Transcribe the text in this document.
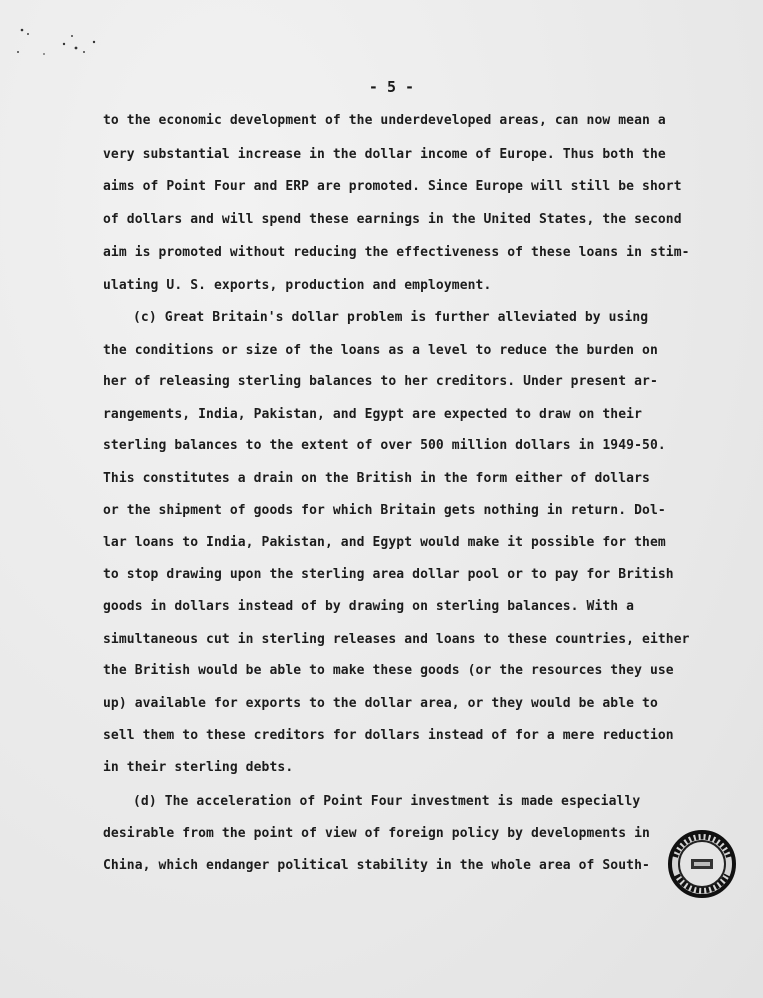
- 5 -
to the economic development of the underdeveloped areas, can now mean a
very substantial increase in the dollar income of Europe. Thus both the
aims of Point Four and ERP are promoted. Since Europe will still be short
of dollars and will spend these earnings in the United States, the second
aim is promoted without reducing the effectiveness of these loans in stim-
ulating U. S. exports, production and employment.
(c) Great Britain's dollar problem is further alleviated by using
the conditions or size of the loans as a level to reduce the burden on
her of releasing sterling balances to her creditors. Under present ar-
rangements, India, Pakistan, and Egypt are expected to draw on their
sterling balances to the extent of over 500 million dollars in 1949-50.
This constitutes a drain on the British in the form either of dollars
or the shipment of goods for which Britain gets nothing in return. Dol-
lar loans to India, Pakistan, and Egypt would make it possible for them
to stop drawing upon the sterling area dollar pool or to pay for British
goods in dollars instead of by drawing on sterling balances. With a
simultaneous cut in sterling releases and loans to these countries, either
the British would be able to make these goods (or the resources they use
up) available for exports to the dollar area, or they would be able to
sell them to these creditors for dollars instead of for a mere reduction
in their sterling debts.
(d) The acceleration of Point Four investment is made especially
desirable from the point of view of foreign policy by developments in
China, which endanger political stability in the whole area of South-
